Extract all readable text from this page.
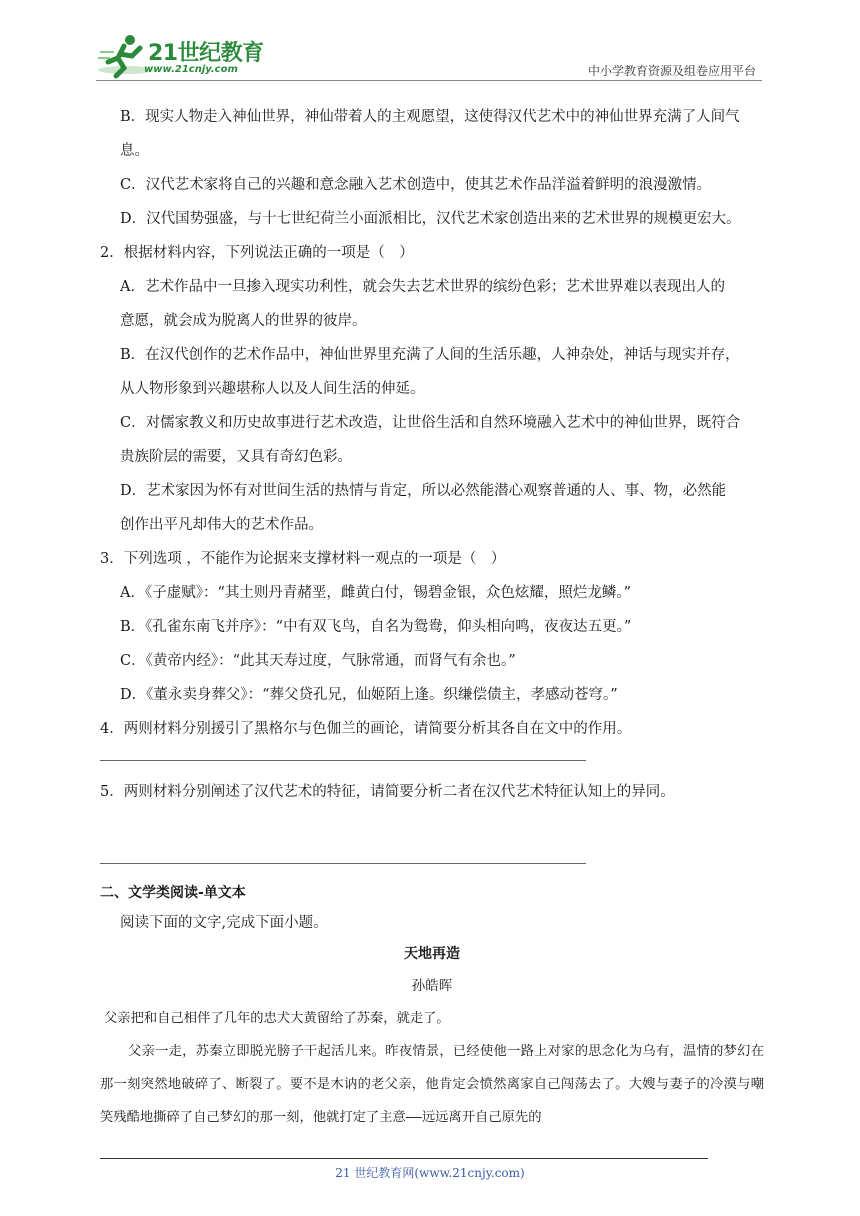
21世纪教育
www.21cnjy.com	中小学教育资源及组卷应用平台

B．现实人物走入神仙世界，神仙带着人的主观愿望，这使得汉代艺术中的神仙世界充满了人间气

息。

C．汉代艺术家将自己的兴趣和意念融入艺术创造中，使其艺术作品洋溢着鲜明的浪漫激情。

D．汉代国势强盛，与十七世纪荷兰小面派相比，汉代艺术家创造出来的艺术世界的规模更宏大。

2．根据材料内容，下列说法正确的一项是（　）

A．艺术作品中一旦掺入现实功利性，就会失去艺术世界的缤纷色彩；艺术世界难以表现出人的

意愿，就会成为脱离人的世界的彼岸。

B．在汉代创作的艺术作品中，神仙世界里充满了人间的生活乐趣，人神杂处，神话与现实并存，

从人物形象到兴趣堪称人以及人间生活的伸延。

C．对儒家教义和历史故事进行艺术改造，让世俗生活和自然环境融入艺术中的神仙世界，既符合

贵族阶层的需要，又具有奇幻色彩。

D．艺术家因为怀有对世间生活的热情与肯定，所以必然能潜心观察普通的人、事、物，必然能

创作出平凡却伟大的艺术作品。

3．下列选项 ，不能作为论据来支撑材料一观点的一项是（　）

A．《子虚赋》：“其土则丹青赭垩，雌黄白付，锡碧金银，众色炫耀，照烂龙鳞。”

B．《孔雀东南飞并序》：“中有双飞鸟，自名为鸳鸯，仰头相向鸣，夜夜达五更。”

C．《黄帝内经》：“此其天寿过度，气脉常通，而肾气有余也。”

D．《董永卖身葬父》：“葬父贷孔兄，仙姬陌上逢。织缣偿债主，孝感动苍穹。”

4．两则材料分别援引了黑格尔与色伽兰的画论，请简要分析其各自在文中的作用。

5．两则材料分别阐述了汉代艺术的特征，请简要分析二者在汉代艺术特征认知上的异同。

二、文学类阅读-单文本

阅读下面的文字,完成下面小题。

天地再造

孙皓晖

父亲把和自己相伴了几年的忠犬大黄留给了苏秦，就走了。

父亲一走，苏秦立即脱光膀子干起活儿来。昨夜情景，已经使他一路上对家的思念化为乌有，温情的梦幻在那一刻突然地破碎了、断裂了。要不是木讷的老父亲，他肯定会愤然离家自己闯荡去了。大嫂与妻子的冷漠与嘲笑残酷地撕碎了自己梦幻的那一刻，他就打定了主意——远远离开自己原先的

21 世纪教育网(www.21cnjy.com)
